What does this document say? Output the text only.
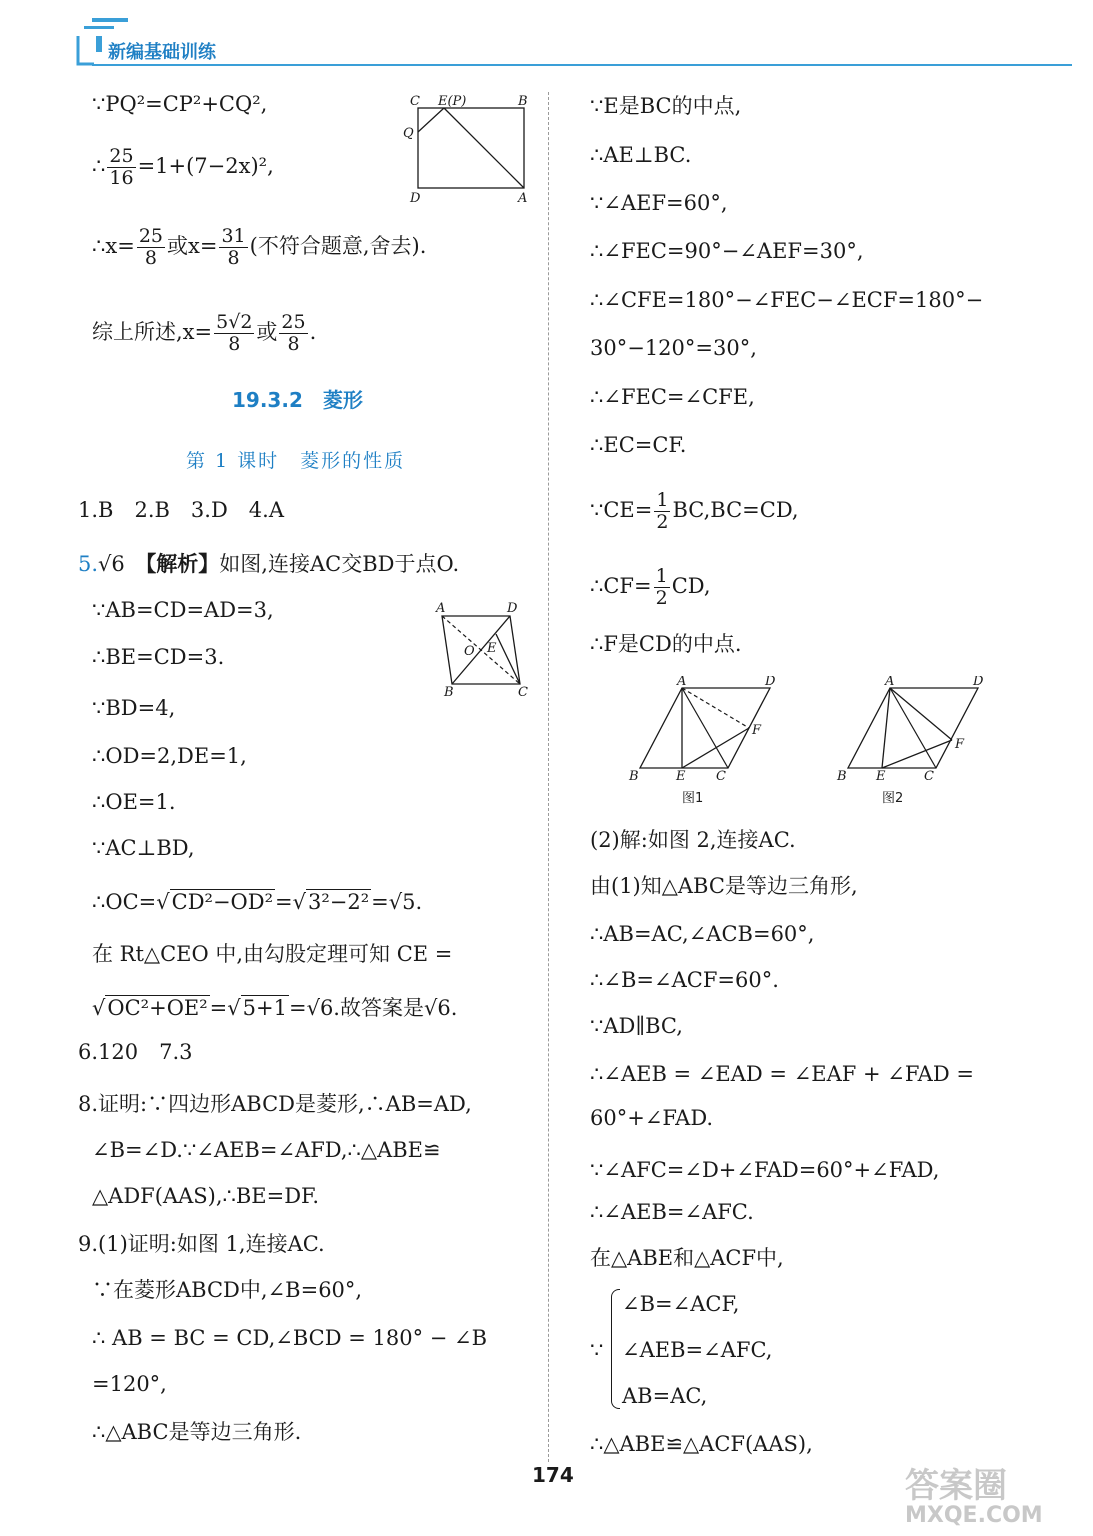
新编基础训练
∵PQ²=CP²+CQ²,
∴ $\frac{25}{16} =1+(7-2x)^2$,
∴x= $\frac{25}{8}$ 或$x= \frac{31}{8}$ (不符合题意,舍去).
综上所述$,x= \frac{5√2}{8}$ 或 $\frac{25}{8}$ .
C E(P)	B
Q
D	A
19.3.2　 菱形
第 1 课时　菱形的性质
1.B　2.B　3.D　4.A
5.√6　 【解析】如图,连接AC交BD于点O.
∵AB=CD=AD=3,
∴BE=CD=3.
∵BD=4,
∴OD=2,DE=1,
∴OE=1.
∵AC⊥BD,
∴OC=√CD²−OD²=√3²−2²=√5.
在 Rt△CEO 中,由勾股定理可知 CE =
√OC²+OE²=√5+1=√6.故答案是√6.
A	D
O E
B	C
6.120　7.3
8.证明:∵四边形ABCD是菱形,∴AB=AD,
∠B=∠D.∵∠AEB=∠AFD,∴△ABE≌
△ADF(AAS),∴BE=DF.
9.(1)证明:如图 1,连接AC.
∵在菱形ABCD中,∠B=60°,
∴ AB = BC = CD,∠BCD = 180° − ∠B
=120°,
∴△ABC是等边三角形.
∵E是BC的中点,
∴AE⊥BC.
∵∠AEF=60°,
∴∠FEC=90°−∠AEF=30°,
∴∠CFE=180°−∠FEC−∠ECF=180°−
30°−120°=30°,
∴∠FEC=∠CFE,
∴EC=CF.
∵CE= $\frac{1}{2} BC,BC=CD$,
∴CF= $\frac{1}{2}$ CD,
∴F是CD的中点.
A	D
F
B	E C
图1
A	D
F
B E	C
图2
(2)解:如图 2,连接AC.
由(1)知△ABC是等边三角形,
∴AB=AC,∠ACB=60°,
∴∠B=∠ACF=60°.
∵AD∥BC,
∴∠AEB = ∠EAD = ∠EAF + ∠FAD =
60°+∠FAD.
∵∠AFC=∠D+∠FAD=60°+∠FAD,
∴∠AEB=∠AFC.
在△ABE和△ACF中,
∵
∠B=∠ACF,
∠AEB=∠AFC,
AB=AC,
∴△ABE≌△ACF(AAS),
174	答案圈
MXQE.COM
